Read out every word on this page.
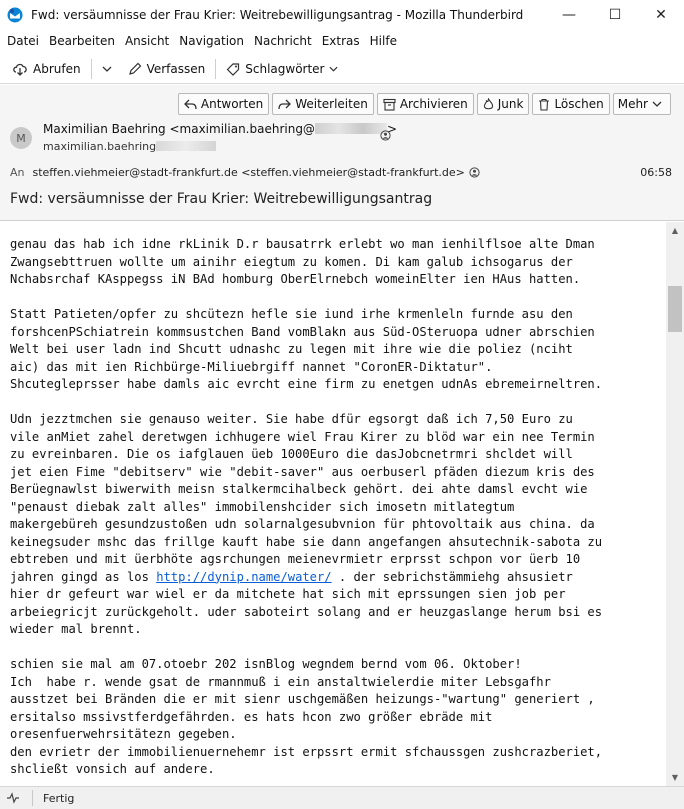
Fwd: versäumnisse der Frau Krier: Weitrebewilligungsantrag - Mozilla Thunderbird	— ☐ ✕
Datei Bearbeiten Ansicht Navigation Nachricht Extras Hilfe
Abrufen	Verfassen	Schlagwörter
Antworten	Weiterleiten	Archivieren	Junk	Löschen Mehr
M
Maximilian Baehring <maximilian.baehring@	>
maximilian.baehring
An steffen.viehmeier@stadt-frankfurt.de <steffen.viehmeier@stadt-frankfurt.de>	06:58
Fwd: versäumnisse der Frau Krier: Weitrebewilligungsantrag
genau das hab ich idne rkLinik D.r bausatrrk erlebt wo man ienhilflsoe alte Dman
Zwangsebttruen wollte um ainihr eiegtum zu komen. Di kam galub ichsogarus der
Nchabsrchaf KAsppegss iN BAd homburg OberElrnebch womeinElter ien HAus hatten.
Statt Patieten/opfer zu shcütezn hefle sie iund irhe krmenleln furnde asu den
forshcenPSchiatrein kommsustchen Band vomBlakn aus Süd-OSteruopa udner abrschien
Welt bei user ladn ind Shcutt udnashc zu legen mit ihre wie die poliez (nciht
aic) das mit ien Richbürge-Miliuebrgiff nannet "CoronER-Diktatur".
Shcutegleprsser habe damls aic evrcht eine firm zu enetgen udnAs ebremeirneltren.
Udn jezztmchen sie genauso weiter. Sie habe dfür egsorgt daß ich 7,50 Euro zu
vile anMiet zahel deretwgen ichhugere wiel Frau Kirer zu blöd war ein nee Termin
zu evreinbaren. Die os iafglauen üeb 1000Euro die dasJobcnetrmri shcldet will
jet eien Fime "debitserv" wie "debit-saver" aus oerbuserl pfäden diezum kris des
Berüegnawlst biwerwith meisn stalkermcihalbeck gehört. dei ahte damsl evcht wie
"penaust diebak zalt alles" immobilenshcider sich imosetn mitlategtum
makergebüreh gesundzustoßen udn solarnalgesubvnion für phtovoltaik aus china. da
keinegsuder mshc das frillge kauft habe sie dann angefangen ahsutechnik-sabota zu
ebtreben und mit üerbhöte agsrchungen meienevrmietr erprsst schpon vor üerb 10
jahren gingd as los http://dynip.name/water/ . der sebrichstämmiehg ahsusietr
hier dr gefeurt war wiel er da mitchete hat sich mit eprssungen sien job per
arbeiegricjt zurückgeholt. uder saboteirt solang and er heuzgaslange herum bsi es
wieder mal brennt.
schien sie mal am 07.otoebr 202 isnBlog wegndem bernd vom 06. Oktober!
Ich  habe r. wende gsat de rmannmuß i ein anstaltwielerdie miter Lebsgafhr
ausstzet bei Bränden die er mit sienr uschgemäßen heizungs-"wartung" generiert ,
ersitalso mssivstferdgefährden. es hats hcon zwo größer ebräde mit
oresenfuerwehrsitätezn gegeben.
den evrietr der immobilienuernehemr ist erpssrt ermit sfchaussgen zushcrazberiet,
shcließt vonsich auf andere.
▲
▼
Fertig
